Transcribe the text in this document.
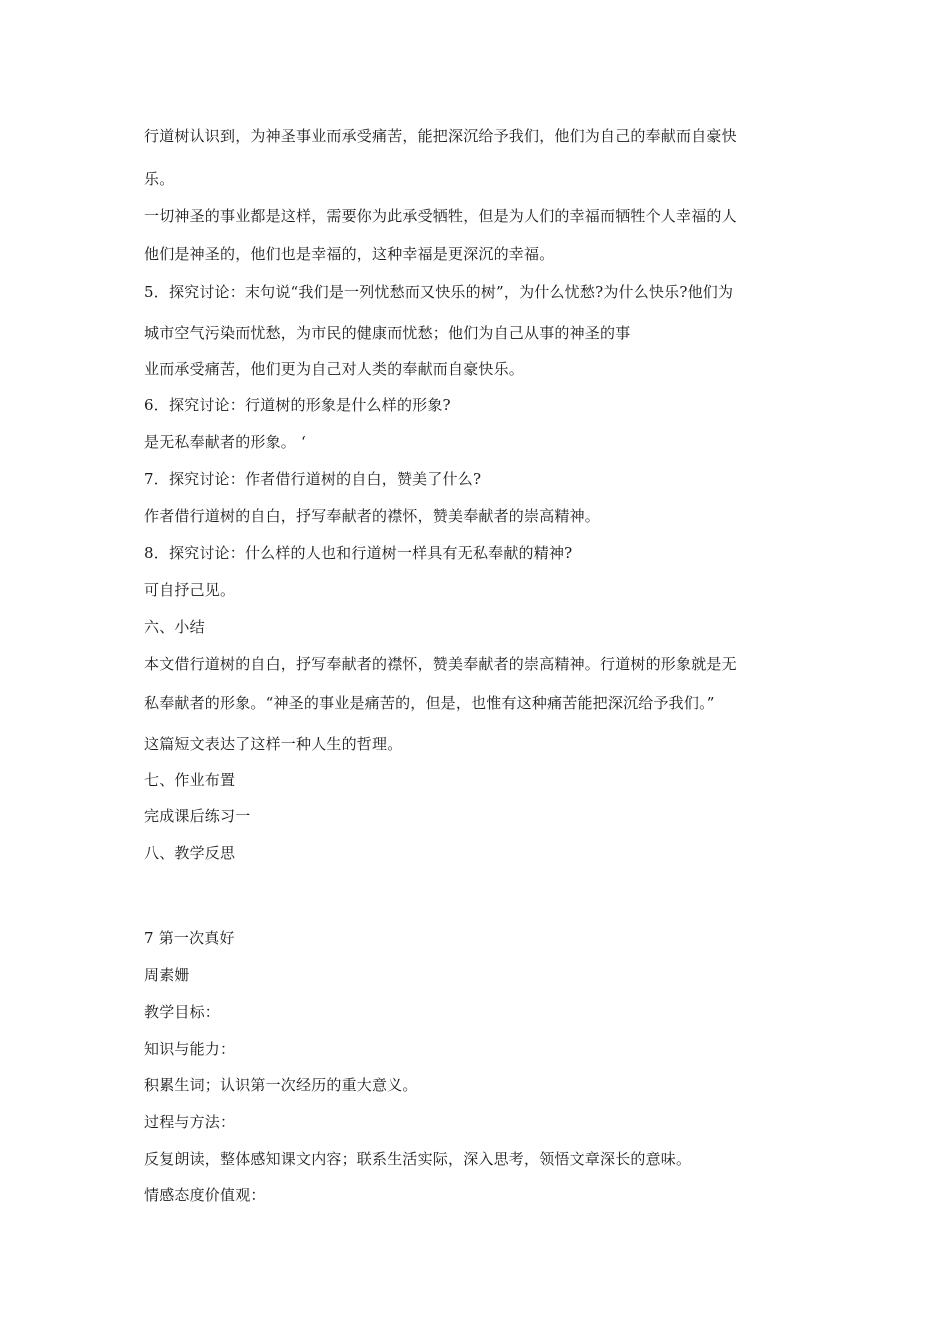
行道树认识到，为神圣事业而承受痛苦，能把深沉给予我们，他们为自己的奉献而自豪快
乐。
一切神圣的事业都是这样，需要你为此承受牺牲，但是为人们的幸福而牺牲个人幸福的人
他们是神圣的，他们也是幸福的，这种幸福是更深沉的幸福。
5．探究讨论：末句说“我们是一列忧愁而又快乐的树”，为什么忧愁?为什么快乐?他们为
城市空气污染而忧愁，为市民的健康而忧愁；他们为自己从事的神圣的事
业而承受痛苦，他们更为自己对人类的奉献而自豪快乐。
6．探究讨论：行道树的形象是什么样的形象?
是无私奉献者的形象。 ‘
7．探究讨论：作者借行道树的自白，赞美了什么?
作者借行道树的自白，抒写奉献者的襟怀，赞美奉献者的崇高精神。
8．探究讨论：什么样的人也和行道树一样具有无私奉献的精神?
可自抒己见。
六、小结
本文借行道树的自白，抒写奉献者的襟怀，赞美奉献者的崇高精神。行道树的形象就是无
私奉献者的形象。“神圣的事业是痛苦的，但是，也惟有这种痛苦能把深沉给予我们。”
这篇短文表达了这样一种人生的哲理。
七、作业布置
完成课后练习一
八、教学反思
7 第一次真好
周素姗
教学目标：
知识与能力：
积累生词；认识第一次经历的重大意义。
过程与方法：
反复朗读，整体感知课文内容；联系生活实际，深入思考，领悟文章深长的意味。
情感态度价值观：
